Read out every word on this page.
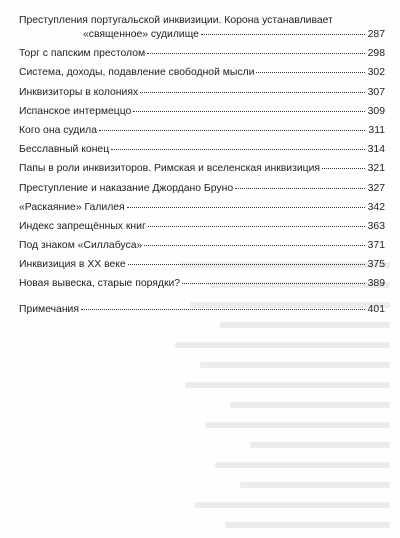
Преступления португальской инквизиции. Корона устанавливает
«священное» судилище	287
Торг с папским престолом	298
Система, доходы, подавление свободной мысли	302
Инквизиторы в колониях	307
Испанское интермеццо	309
Кого она судила	311
Бесславный конец	314
Папы в роли инквизиторов. Римская и вселенская инквизиция	321
Преступление и наказание Джордано Бруно	327
«Раскаяние» Галилея	342
Индекс запрещённых книг	363
Под знаком «Силлабуса»	371
Инквизиция в XX веке	375
Новая вывеска, старые порядки?	389
Примечания	401
